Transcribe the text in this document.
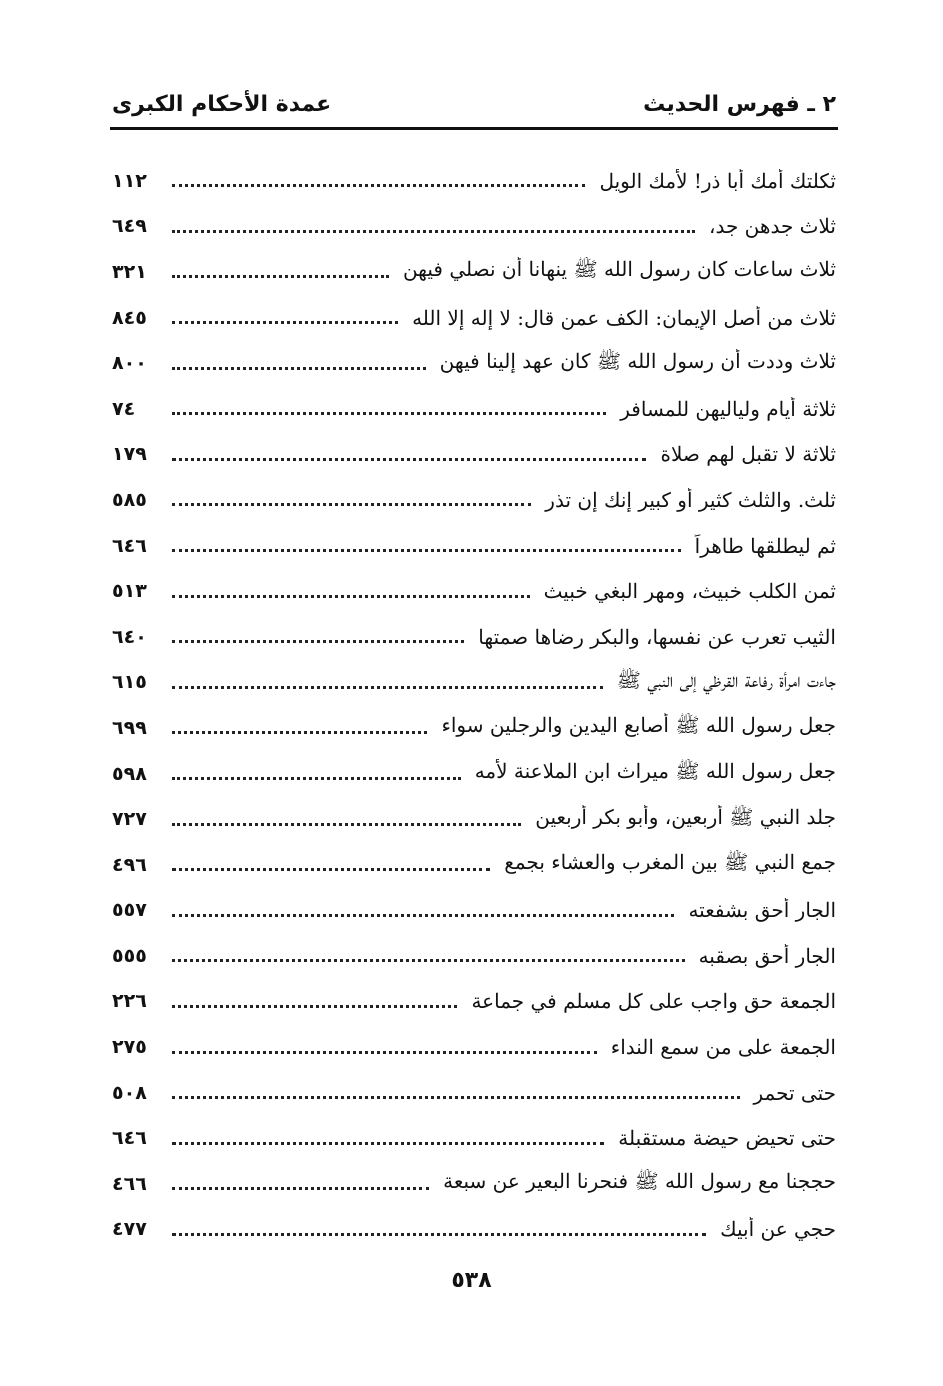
٢ ـ فهرس الحديث
عمدة الأحكام الكبرى
ثكلتك أمك أبا ذر! لأمك الويل
١١٢
ثلاث جدهن جد،
٦٤٩
ثلاث ساعات كان رسول الله ﷺ ينهانا أن نصلي فيهن
٣٢١
ثلاث من أصل الإيمان: الكف عمن قال: لا إله إلا الله
٨٤٥
ثلاث وددت أن رسول الله ﷺ كان عهد إلينا فيهن
٨٠٠
ثلاثة أيام ولياليهن للمسافر
٧٤
ثلاثة لا تقبل لهم صلاة
١٧٩
ثلث. والثلث كثير أو كبير إنك إن تذر
٥٨٥
ثم ليطلقها طاهراً
٦٤٦
ثمن الكلب خبيث، ومهر البغي خبيث
٥١٣
الثيب تعرب عن نفسها، والبكر رضاها صمتها
٦٤٠
جاءت امرأة رفاعة القرظي إلى النبي ﷺ
٦١٥
جعل رسول الله ﷺ أصابع اليدين والرجلين سواء
٦٩٩
جعل رسول الله ﷺ ميراث ابن الملاعنة لأمه
٥٩٨
جلد النبي ﷺ أربعين، وأبو بكر أربعين
٧٢٧
جمع النبي ﷺ بين المغرب والعشاء بجمع
٤٩٦
الجار أحق بشفعته
٥٥٧
الجار أحق بصقبه
٥٥٥
الجمعة حق واجب على كل مسلم في جماعة
٢٢٦
الجمعة على من سمع النداء
٢٧٥
حتى تحمر
٥٠٨
حتى تحيض حيضة مستقبلة
٦٤٦
حججنا مع رسول الله ﷺ فنحرنا البعير عن سبعة
٤٦٦
حجي عن أبيك
٤٧٧
٥٣٨
